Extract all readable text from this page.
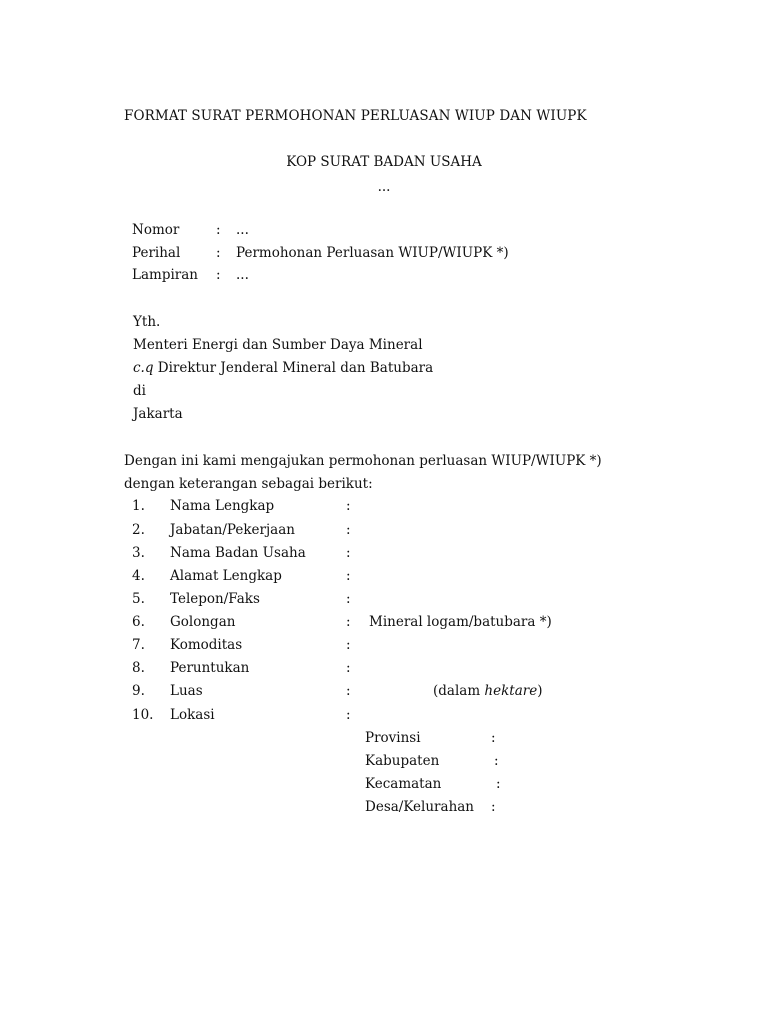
FORMAT SURAT PERMOHONAN PERLUASAN WIUP DAN WIUPK
KOP SURAT BADAN USAHA
...
Nomor	: ...
Perihal	: Permohonan Perluasan WIUP/WIUPK *)
Lampiran : ...
Yth.
Menteri Energi dan Sumber Daya Mineral
c.q Direktur Jenderal Mineral dan Batubara
di
Jakarta
Dengan ini kami mengajukan permohonan perluasan WIUP/WIUPK *)
dengan keterangan sebagai berikut:
1. Nama Lengkap	:
2. Jabatan/Pekerjaan	:
3. Nama Badan Usaha	:
4. Alamat Lengkap	:
5. Telepon/Faks	:
6. Golongan	: Mineral logam/batubara *)
7. Komoditas	:
8. Peruntukan	:
9. Luas	:	(dalam hektare)
10. Lokasi	:
Provinsi	:
Kabupaten	:
Kecamatan	:
Desa/Kelurahan :
